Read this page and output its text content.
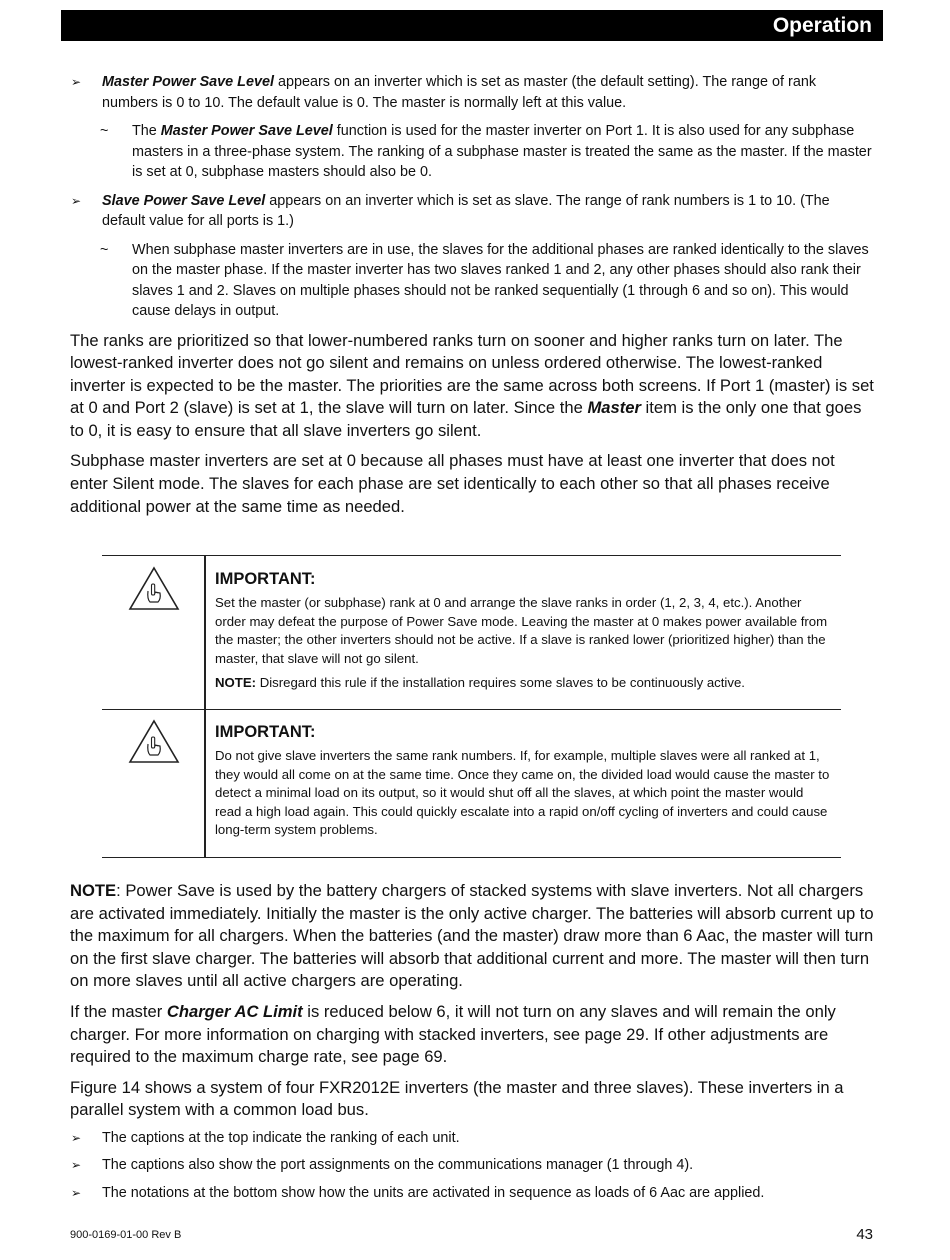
Operation
➢ Master Power Save Level appears on an inverter which is set as master (the default setting). The range of rank numbers is 0 to 10. The default value is 0. The master is normally left at this value.
~ The Master Power Save Level function is used for the master inverter on Port 1. It is also used for any subphase masters in a three-phase system. The ranking of a subphase master is treated the same as the master. If the master is set at 0, subphase masters should also be 0.
➢ Slave Power Save Level appears on an inverter which is set as slave. The range of rank numbers is 1 to 10. (The default value for all ports is 1.)
~ When subphase master inverters are in use, the slaves for the additional phases are ranked identically to the slaves on the master phase. If the master inverter has two slaves ranked 1 and 2, any other phases should also rank their slaves 1 and 2. Slaves on multiple phases should not be ranked sequentially (1 through 6 and so on). This would cause delays in output.

The ranks are prioritized so that lower-numbered ranks turn on sooner and higher ranks turn on later. The lowest-ranked inverter does not go silent and remains on unless ordered otherwise. The lowest-ranked inverter is expected to be the master. The priorities are the same across both screens. If Port 1 (master) is set at 0 and Port 2 (slave) is set at 1, the slave will turn on later. Since the Master item is the only one that goes to 0, it is easy to ensure that all slave inverters go silent.

Subphase master inverters are set at 0 because all phases must have at least one inverter that does not enter Silent mode. The slaves for each phase are set identically to each other so that all phases receive additional power at the same time as needed.

IMPORTANT:
Set the master (or subphase) rank at 0 and arrange the slave ranks in order (1, 2, 3, 4, etc.). Another order may defeat the purpose of Power Save mode. Leaving the master at 0 makes power available from the master; the other inverters should not be active. If a slave is ranked lower (prioritized higher) than the master, that slave will not go silent.
NOTE: Disregard this rule if the installation requires some slaves to be continuously active.
IMPORTANT:
Do not give slave inverters the same rank numbers. If, for example, multiple slaves were all ranked at 1, they would all come on at the same time. Once they came on, the divided load would cause the master to detect a minimal load on its output, so it would shut off all the slaves, at which point the master would read a high load again. This could quickly escalate into a rapid on/off cycling of inverters and could cause long-term system problems.

NOTE: Power Save is used by the battery chargers of stacked systems with slave inverters. Not all chargers are activated immediately. Initially the master is the only active charger. The batteries will absorb current up to the maximum for all chargers. When the batteries (and the master) draw more than 6 Aac, the master will turn on the first slave charger. The batteries will absorb that additional current and more. The master will then turn on more slaves until all active chargers are operating.

If the master Charger AC Limit is reduced below 6, it will not turn on any slaves and will remain the only charger. For more information on charging with stacked inverters, see page 29. If other adjustments are required to the maximum charge rate, see page 69.

Figure 14 shows a system of four FXR2012E inverters (the master and three slaves). These inverters in a parallel system with a common load bus.

➢ The captions at the top indicate the ranking of each unit.
➢ The captions also show the port assignments on the communications manager (1 through 4).
➢ The notations at the bottom show how the units are activated in sequence as loads of 6 Aac are applied.
900-0169-01-00 Rev B	43
